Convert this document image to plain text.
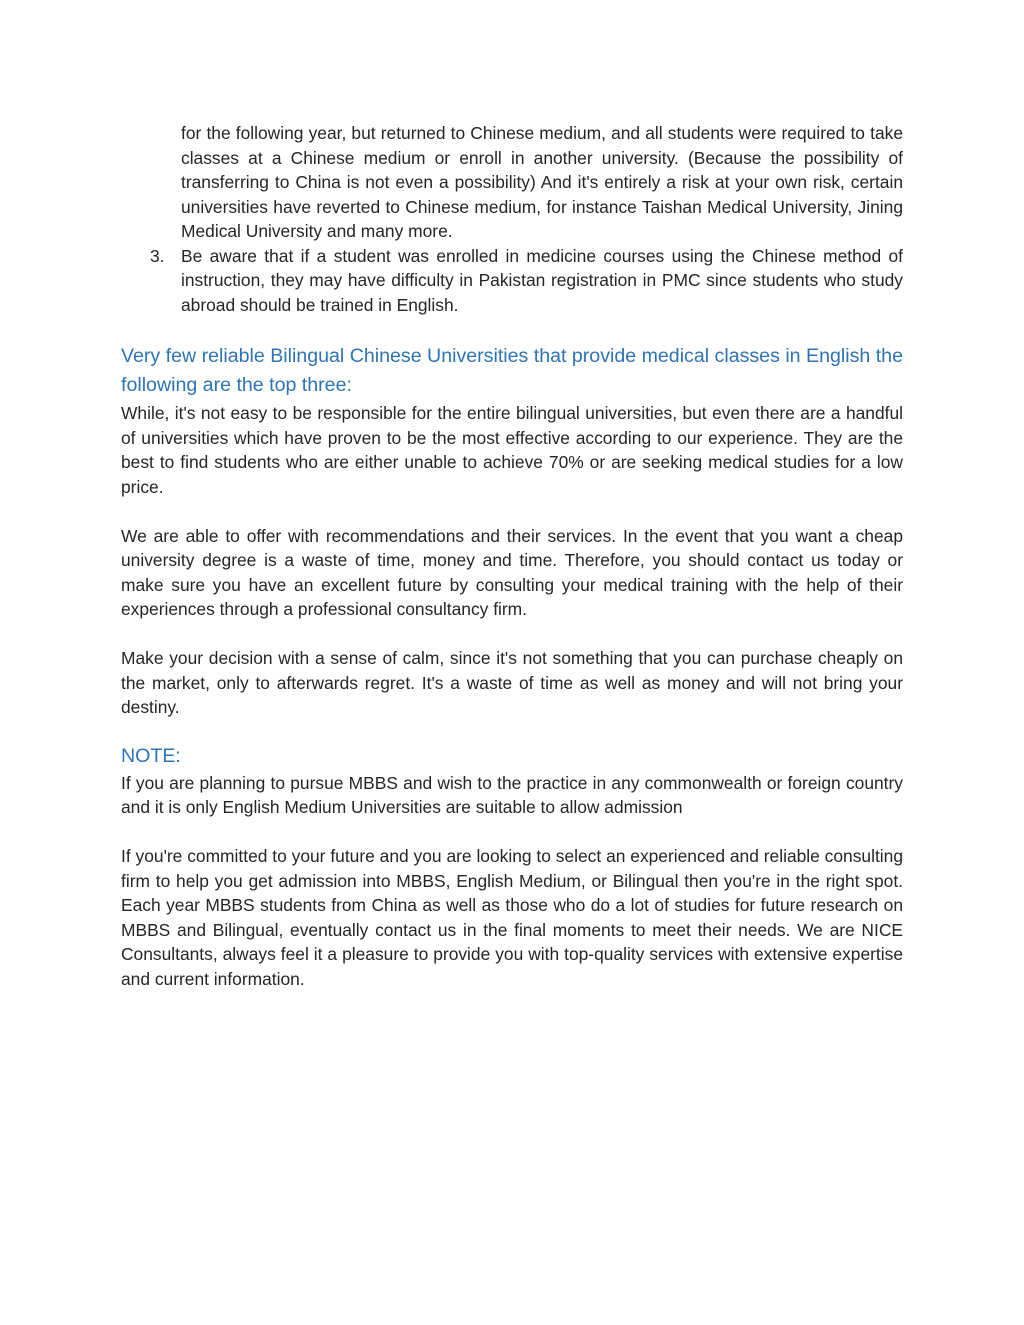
for the following year, but returned to Chinese medium, and all students were required to take classes at a Chinese medium or enroll in another university. (Because the possibility of transferring to China is not even a possibility) And it's entirely a risk at your own risk, certain universities have reverted to Chinese medium, for instance Taishan Medical University, Jining Medical University and many more.

3. Be aware that if a student was enrolled in medicine courses using the Chinese method of instruction, they may have difficulty in Pakistan registration in PMC since students who study abroad should be trained in English.

Very few reliable Bilingual Chinese Universities that provide medical classes in English the following are the top three:

While, it's not easy to be responsible for the entire bilingual universities, but even there are a handful of universities which have proven to be the most effective according to our experience. They are the best to find students who are either unable to achieve 70% or are seeking medical studies for a low price.

We are able to offer with recommendations and their services. In the event that you want a cheap university degree is a waste of time, money and time. Therefore, you should contact us today or make sure you have an excellent future by consulting your medical training with the help of their experiences through a professional consultancy firm.

Make your decision with a sense of calm, since it's not something that you can purchase cheaply on the market, only to afterwards regret. It's a waste of time as well as money and will not bring your destiny.

NOTE:

If you are planning to pursue MBBS and wish to the practice in any commonwealth or foreign country and it is only English Medium Universities are suitable to allow admission

If you're committed to your future and you are looking to select an experienced and reliable consulting firm to help you get admission into MBBS, English Medium, or Bilingual then you're in the right spot. Each year MBBS students from China as well as those who do a lot of studies for future research on MBBS and Bilingual, eventually contact us in the final moments to meet their needs. We are NICE Consultants, always feel it a pleasure to provide you with top-quality services with extensive expertise and current information.
